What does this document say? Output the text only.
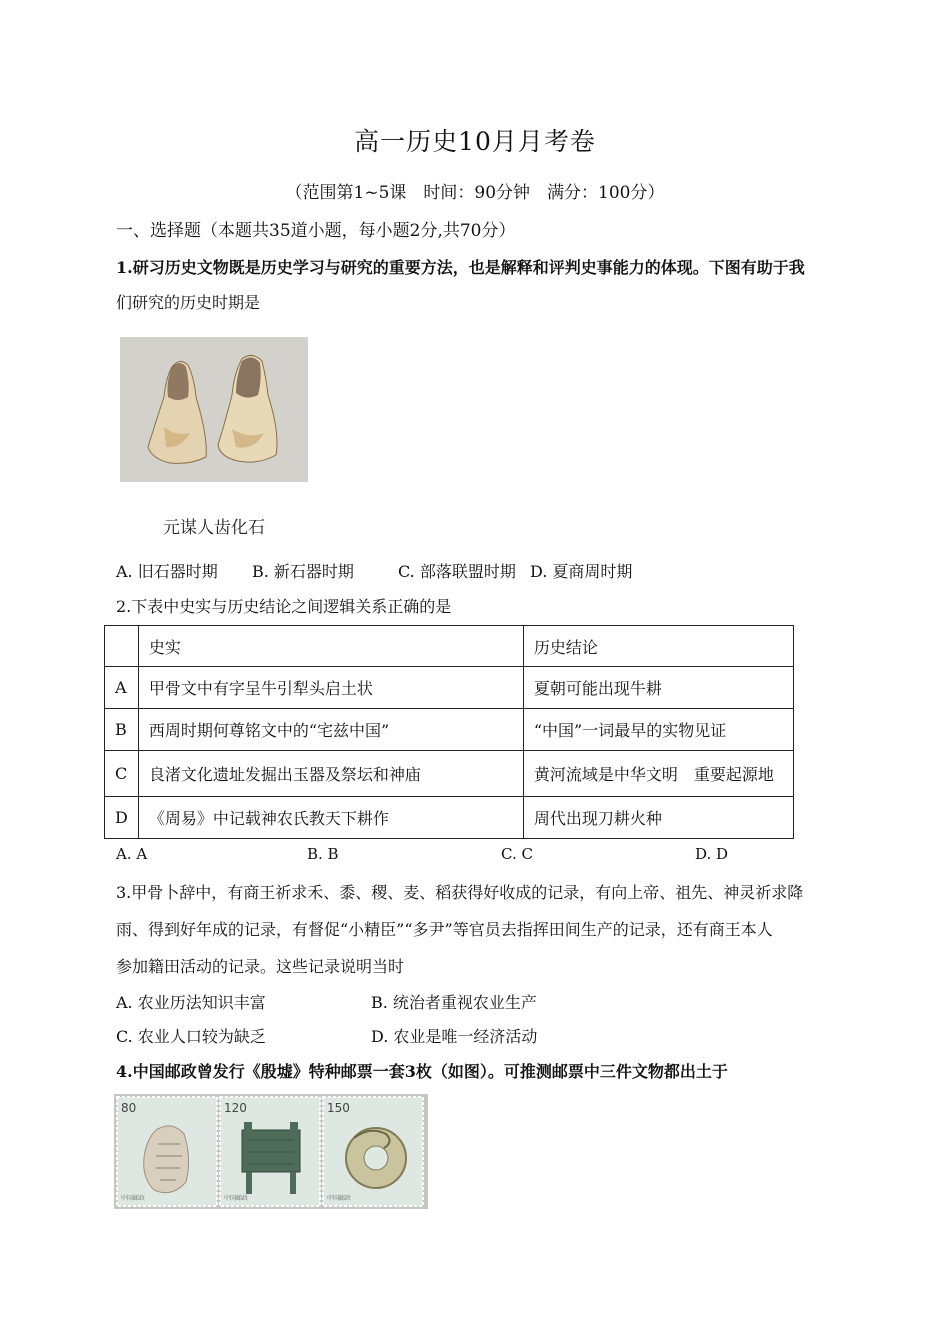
高一历史10月月考卷
（范围第1~5课　时间：90分钟　满分：100分）
一、选择题（本题共35道小题，每小题2分,共70分）
1.研习历史文物既是历史学习与研究的重要方法，也是解释和评判史事能力的体现。下图有助于我
们研究的历史时期是
元谋人齿化石
A. 旧石器时期 B. 新石器时期	C. 部落联盟时期 D. 夏商周时期
2.下表中史实与历史结论之间逻辑关系正确的是
	史实	历史结论
A	甲骨文中有字呈牛引犁头启土状	夏朝可能出现牛耕
B	西周时期何尊铭文中的“宅兹中国”	“中国”一词最早的实物见证
C	良渚文化遗址发掘出玉器及祭坛和神庙	黄河流域是中华文明　重要起源地
D	《周易》中记载神农氏教天下耕作	周代出现刀耕火种
A. A	B. B	C. C	D. D
3.甲骨卜辞中，有商王祈求禾、黍、稷、麦、稻获得好收成的记录，有向上帝、祖先、神灵祈求降
雨、得到好年成的记录，有督促“小精臣”“多尹”等官员去指挥田间生产的记录，还有商王本人
参加籍田活动的记录。这些记录说明当时
A. 农业历法知识丰富	B. 统治者重视农业生产
C. 农业人口较为缺乏	D. 农业是唯一经济活动
4.中国邮政曾发行《殷墟》特种邮票一套3枚（如图）。可推测邮票中三件文物都出土于
80
中国邮政
120
中国邮政
150
中国邮政
